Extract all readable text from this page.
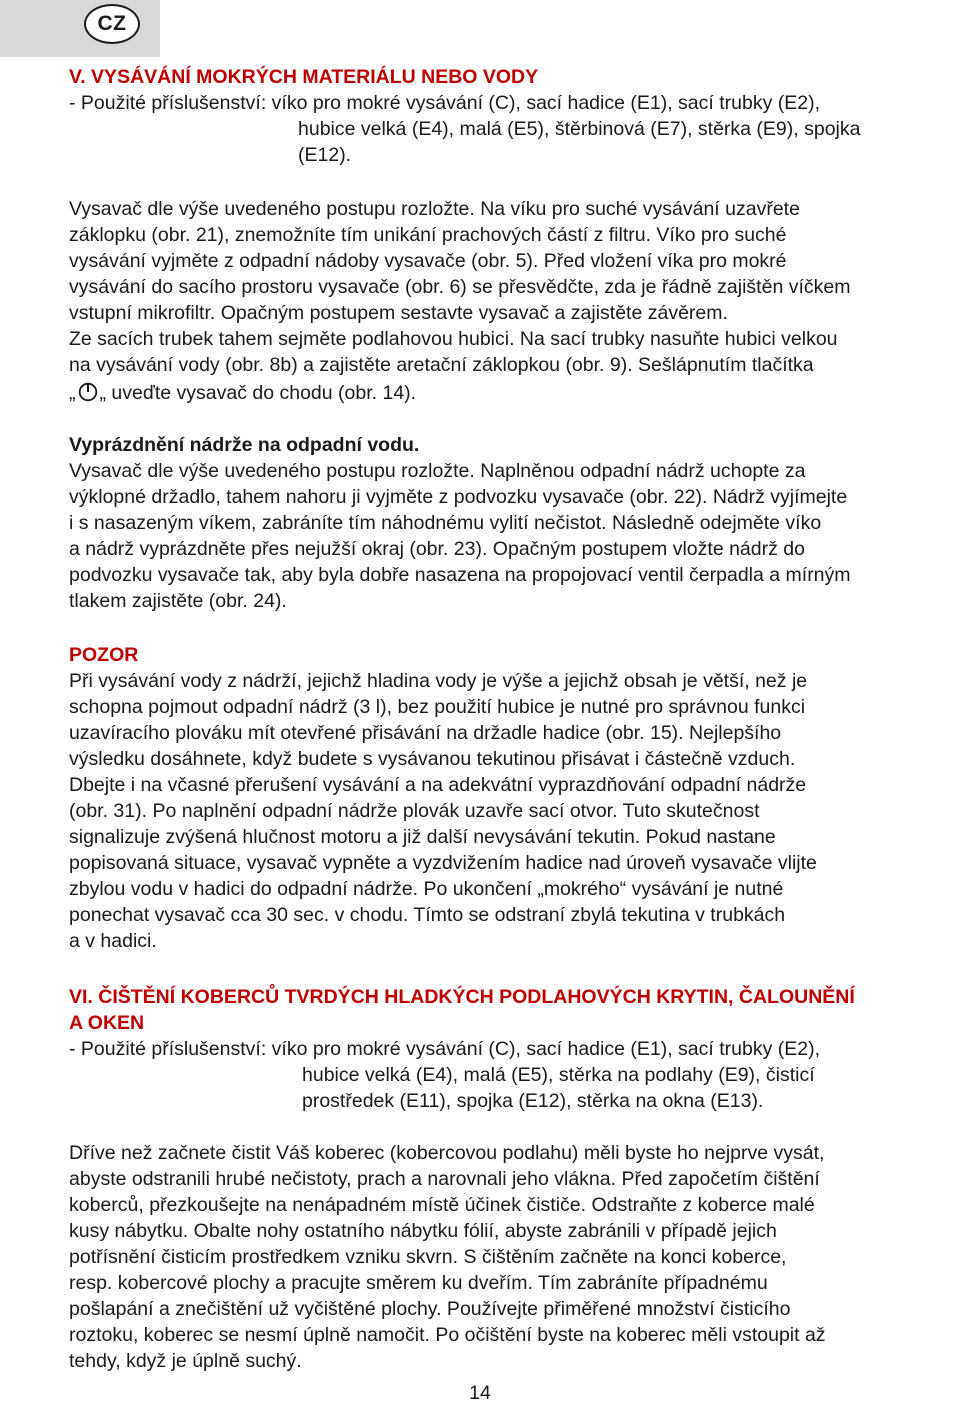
CZ
V. VYSÁVÁNÍ MOKRÝCH MATERIÁLU NEBO VODY
- Použité příslušenství: víko pro mokré vysávání (C), sací hadice (E1), sací trubky (E2),
hubice velká (E4), malá (E5), štěrbinová (E7), stěrka (E9), spojka
(E12).
Vysavač dle výše uvedeného postupu rozložte. Na víku pro suché vysávání uzavřete
záklopku (obr. 21), znemožníte tím unikání prachových částí z filtru. Víko pro suché
vysávání vyjměte z odpadní nádoby vysavače (obr. 5). Před vložení víka pro mokré
vysávání do sacího prostoru vysavače (obr. 6) se přesvědčte, zda je řádně zajištěn víčkem
vstupní mikrofiltr. Opačným postupem sestavte vysavač a zajistěte závěrem.
Ze sacích trubek tahem sejměte podlahovou hubici. Na sací trubky nasuňte hubici velkou
na vysávání vody (obr. 8b) a zajistěte aretační záklopkou (obr. 9). Sešlápnutím tlačítka
„ „ uveďte vysavač do chodu (obr. 14).
Vyprázdnění nádrže na odpadní vodu.
Vysavač dle výše uvedeného postupu rozložte. Naplněnou odpadní nádrž uchopte za
výklopné držadlo, tahem nahoru ji vyjměte z podvozku vysavače (obr. 22). Nádrž vyjímejte
i s nasazeným víkem, zabráníte tím náhodnému vylití nečistot. Následně odejměte víko
a nádrž vyprázdněte přes nejužší okraj (obr. 23). Opačným postupem vložte nádrž do
podvozku vysavače tak, aby byla dobře nasazena na propojovací ventil čerpadla a mírným
tlakem zajistěte (obr. 24).
POZOR
Při vysávání vody z nádrží, jejichž hladina vody je výše a jejichž obsah je větší, než je
schopna pojmout odpadní nádrž (3 l), bez použití hubice je nutné pro správnou funkci
uzavíracího plováku mít otevřené přisávání na držadle hadice (obr. 15). Nejlepšího
výsledku dosáhnete, když budete s vysávanou tekutinou přisávat i částečně vzduch.
Dbejte i na včasné přerušení vysávání a na adekvátní vyprazdňování odpadní nádrže
(obr. 31). Po naplnění odpadní nádrže plovák uzavře sací otvor. Tuto skutečnost
signalizuje zvýšená hlučnost motoru a již další nevysávání tekutin. Pokud nastane
popisovaná situace, vysavač vypněte a vyzdvižením hadice nad úroveň vysavače vlijte
zbylou vodu v hadici do odpadní nádrže. Po ukončení „mokrého“ vysávání je nutné
ponechat vysavač cca 30 sec. v chodu. Tímto se odstraní zbylá tekutina v trubkách
a v hadici.
VI. ČIŠTĚNÍ KOBERCŮ TVRDÝCH HLADKÝCH PODLAHOVÝCH KRYTIN, ČALOUNĚNÍ
A OKEN
- Použité příslušenství: víko pro mokré vysávání (C), sací hadice (E1), sací trubky (E2),
hubice velká (E4), malá (E5), stěrka na podlahy (E9), čisticí
prostředek (E11), spojka (E12), stěrka na okna (E13).
Dříve než začnete čistit Váš koberec (kobercovou podlahu) měli byste ho nejprve vysát,
abyste odstranili hrubé nečistoty, prach a narovnali jeho vlákna. Před započetím čištění
koberců, přezkoušejte na nenápadném místě účinek čističe. Odstraňte z koberce malé
kusy nábytku. Obalte nohy ostatního nábytku fólií, abyste zabránili v případě jejich
potřísnění čisticím prostředkem vzniku skvrn. S čištěním začněte na konci koberce,
resp. kobercové plochy a pracujte směrem ku dveřím. Tím zabráníte případnému
pošlapání a znečištění už vyčištěné plochy. Používejte přiměřené množství čisticího
roztoku, koberec se nesmí úplně namočit. Po očištění byste na koberec měli vstoupit až
tehdy, když je úplně suchý.
14
